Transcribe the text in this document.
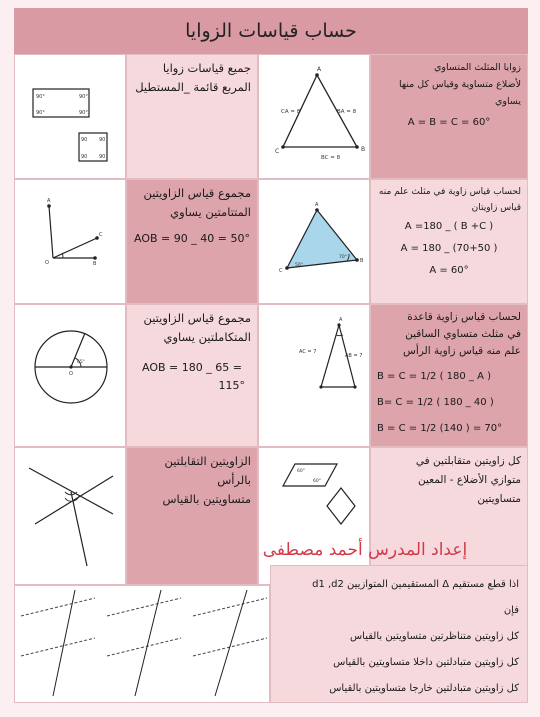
حساب قياسات الزوايا
90°	90°
90°	90°
90 90
90 90

جميع قياسات زوايا

المربع قائمة _المستطيل

A
B
C
CA = 8	BA = 8
BC = 8

زوايا المثلث المتساوي

لأضلاع متساوية وقياس كل منها

يساوي

A = B = C = 60°

A
C
O	B

مجموع قياس الزاويتين

المتتامتين يساوي

AOB = 90 _ 40 = 50°

70°
50°
A
B
C

لحساب قياس زاوية في مثلث علم منه

قياس زاويتان

A =180 _ ( B +C )

A = 180 _ (70+50 )

A = 60°

65°
O

مجموع قياس الزاويتين

المتكاملتين يساوي

AOB = 180 _ 65 =

115°

A
AC = 7
AB = 7

لحساب قياس زاوية قاعدة

في مثلث متساوي الساقين

علم منه قياس زاوية الرأس

B = C = 1/2 ( 180 _ A )

B= C = 1/2 ( 180 _ 40 )

B = C = 1/2 (140 ) = 70°

الزاويتين التقابلتين بالرأس

متساويتين بالقياس

60°
60°

كل زاويتين متقابلتين في

متوازي الأضلاع - المعين

متساويتين

إعداد المدرس أحمد مصطفى

اذا قطع مستقيم Δ المستقيمين المتوازيين d1 ,d2

فإن

كل زاويتين متناظرتين متساويتين بالقياس

كل زاويتين متبادلتين داخلا متساويتين بالقياس

كل زاويتين متبادلتين خارجا متساويتين بالقياس
